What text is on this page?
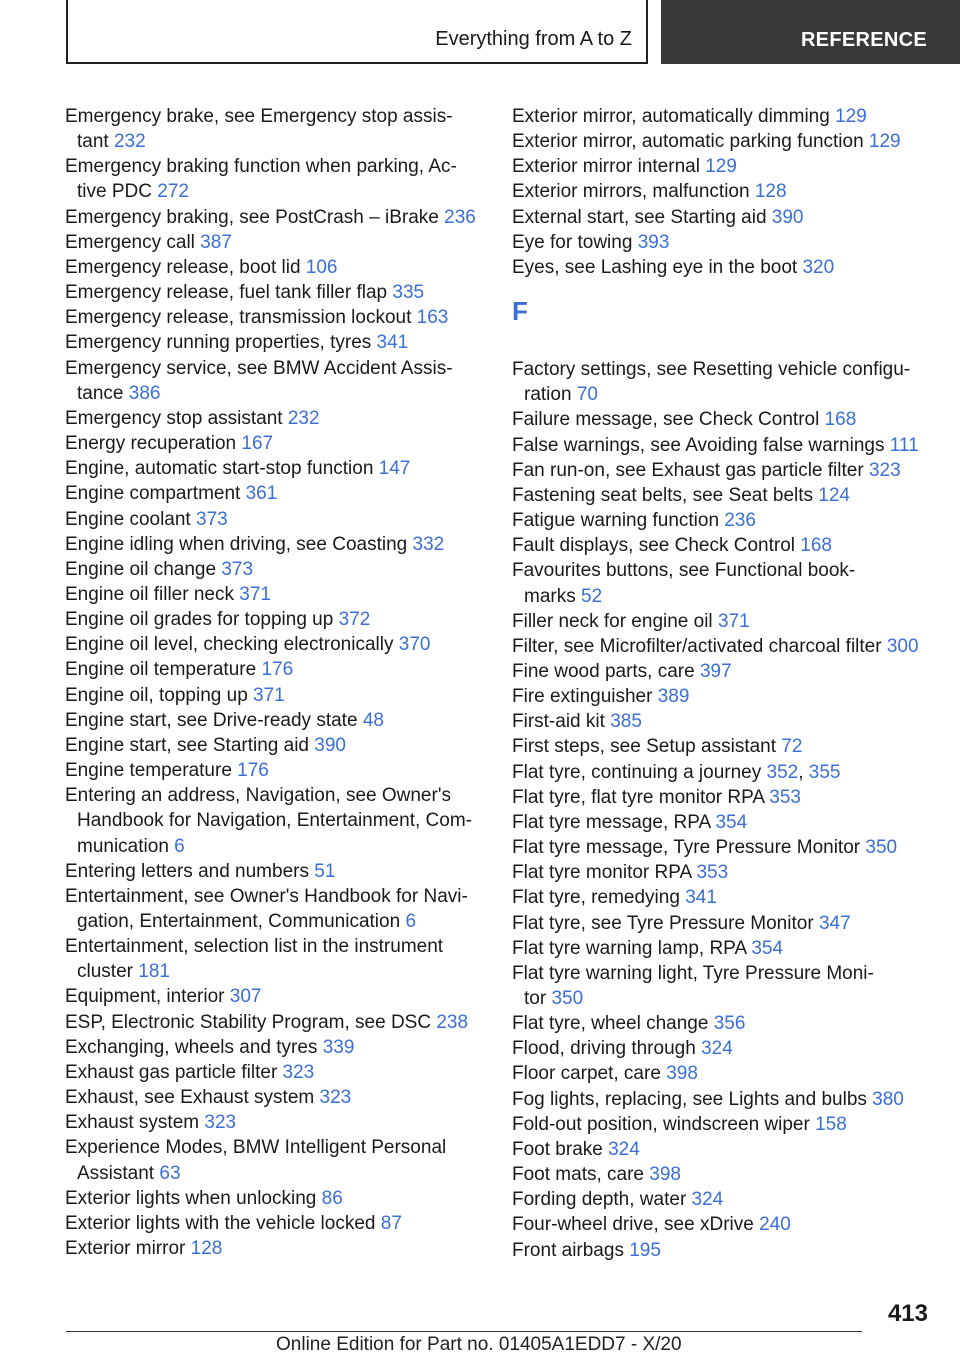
Everything from A to Z	REFERENCE
Emergency brake, see Emergency stop assis-
tant 232
Emergency braking function when parking, Ac-
tive PDC 272
Emergency braking, see PostCrash – iBrake 236
Emergency call 387
Emergency release, boot lid 106
Emergency release, fuel tank filler flap 335
Emergency release, transmission lockout 163
Emergency running properties, tyres 341
Emergency service, see BMW Accident Assis-
tance 386
Emergency stop assistant 232
Energy recuperation 167
Engine, automatic start-stop function 147
Engine compartment 361
Engine coolant 373
Engine idling when driving, see Coasting 332
Engine oil change 373
Engine oil filler neck 371
Engine oil grades for topping up 372
Engine oil level, checking electronically 370
Engine oil temperature 176
Engine oil, topping up 371
Engine start, see Drive-ready state 48
Engine start, see Starting aid 390
Engine temperature 176
Entering an address, Navigation, see Owner's
Handbook for Navigation, Entertainment, Com-
munication 6
Entering letters and numbers 51
Entertainment, see Owner's Handbook for Navi-
gation, Entertainment, Communication 6
Entertainment, selection list in the instrument
cluster 181
Equipment, interior 307
ESP, Electronic Stability Program, see DSC 238
Exchanging, wheels and tyres 339
Exhaust gas particle filter 323
Exhaust, see Exhaust system 323
Exhaust system 323
Experience Modes, BMW Intelligent Personal
Assistant 63
Exterior lights when unlocking 86
Exterior lights with the vehicle locked 87
Exterior mirror 128
Exterior mirror, automatically dimming 129
Exterior mirror, automatic parking function 129
Exterior mirror internal 129
Exterior mirrors, malfunction 128
External start, see Starting aid 390
Eye for towing 393
Eyes, see Lashing eye in the boot 320
F
Factory settings, see Resetting vehicle configu-
ration 70
Failure message, see Check Control 168
False warnings, see Avoiding false warnings 111
Fan run-on, see Exhaust gas particle filter 323
Fastening seat belts, see Seat belts 124
Fatigue warning function 236
Fault displays, see Check Control 168
Favourites buttons, see Functional book-
marks 52
Filler neck for engine oil 371
Filter, see Microfilter/activated charcoal filter 300
Fine wood parts, care 397
Fire extinguisher 389
First-aid kit 385
First steps, see Setup assistant 72
Flat tyre, continuing a journey 352, 355
Flat tyre, flat tyre monitor RPA 353
Flat tyre message, RPA 354
Flat tyre message, Tyre Pressure Monitor 350
Flat tyre monitor RPA 353
Flat tyre, remedying 341
Flat tyre, see Tyre Pressure Monitor 347
Flat tyre warning lamp, RPA 354
Flat tyre warning light, Tyre Pressure Moni-
tor 350
Flat tyre, wheel change 356
Flood, driving through 324
Floor carpet, care 398
Fog lights, replacing, see Lights and bulbs 380
Fold-out position, windscreen wiper 158
Foot brake 324
Foot mats, care 398
Fording depth, water 324
Four-wheel drive, see xDrive 240
Front airbags 195
413
Online Edition for Part no. 01405A1EDD7 - X/20
